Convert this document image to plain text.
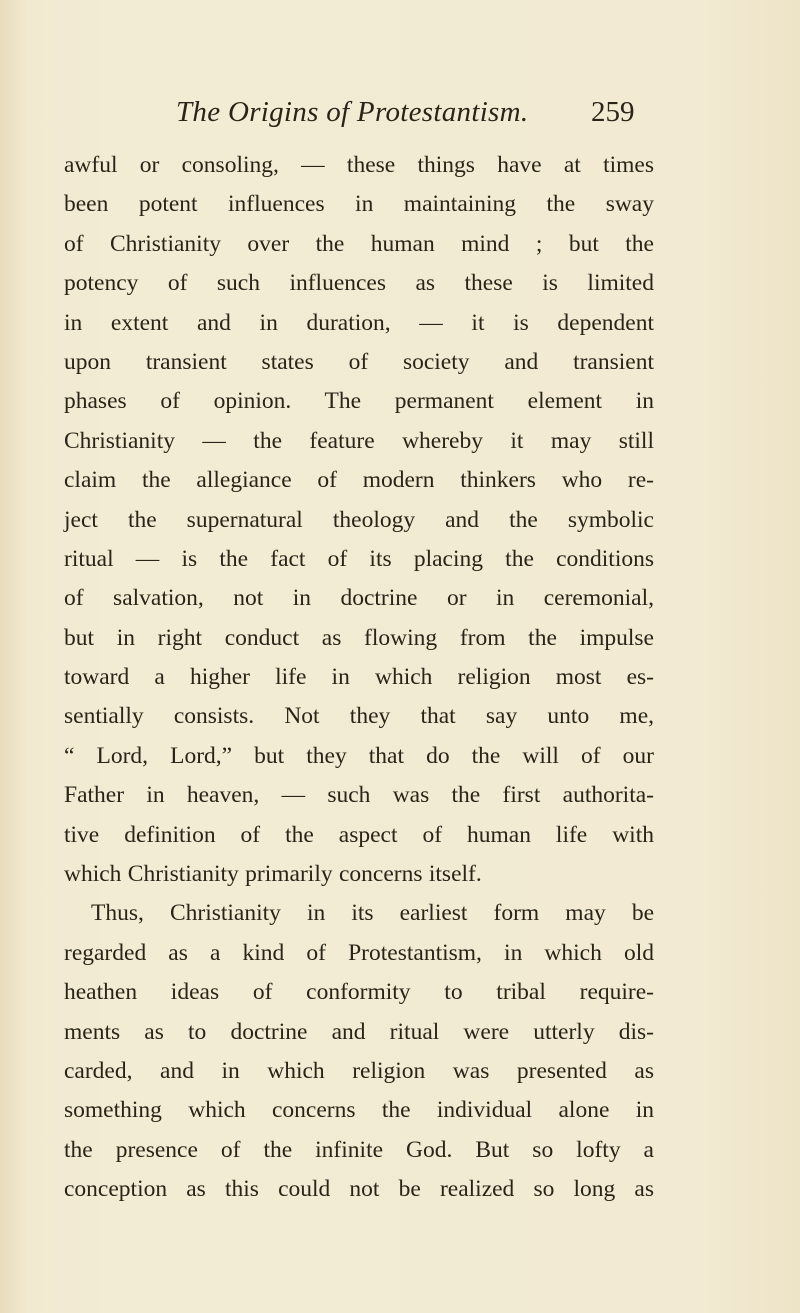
The Origins of Protestantism. 259
awful or consoling, — these things have at times
been potent influences in maintaining the sway
of Christianity over the human mind ; but the
potency of such influences as these is limited
in extent and in duration, — it is dependent
upon transient states of society and transient
phases of opinion. The permanent element in
Christianity — the feature whereby it may still
claim the allegiance of modern thinkers who re-
ject the supernatural theology and the symbolic
ritual — is the fact of its placing the conditions
of salvation, not in doctrine or in ceremonial,
but in right conduct as flowing from the impulse
toward a higher life in which religion most es-
sentially consists. Not they that say unto me,
“ Lord, Lord,” but they that do the will of our
Father in heaven, — such was the first authorita-
tive definition of the aspect of human life with
which Christianity primarily concerns itself.
Thus, Christianity in its earliest form may be
regarded as a kind of Protestantism, in which old
heathen ideas of conformity to tribal require-
ments as to doctrine and ritual were utterly dis-
carded, and in which religion was presented as
something which concerns the individual alone in
the presence of the infinite God. But so lofty a
conception as this could not be realized so long as
